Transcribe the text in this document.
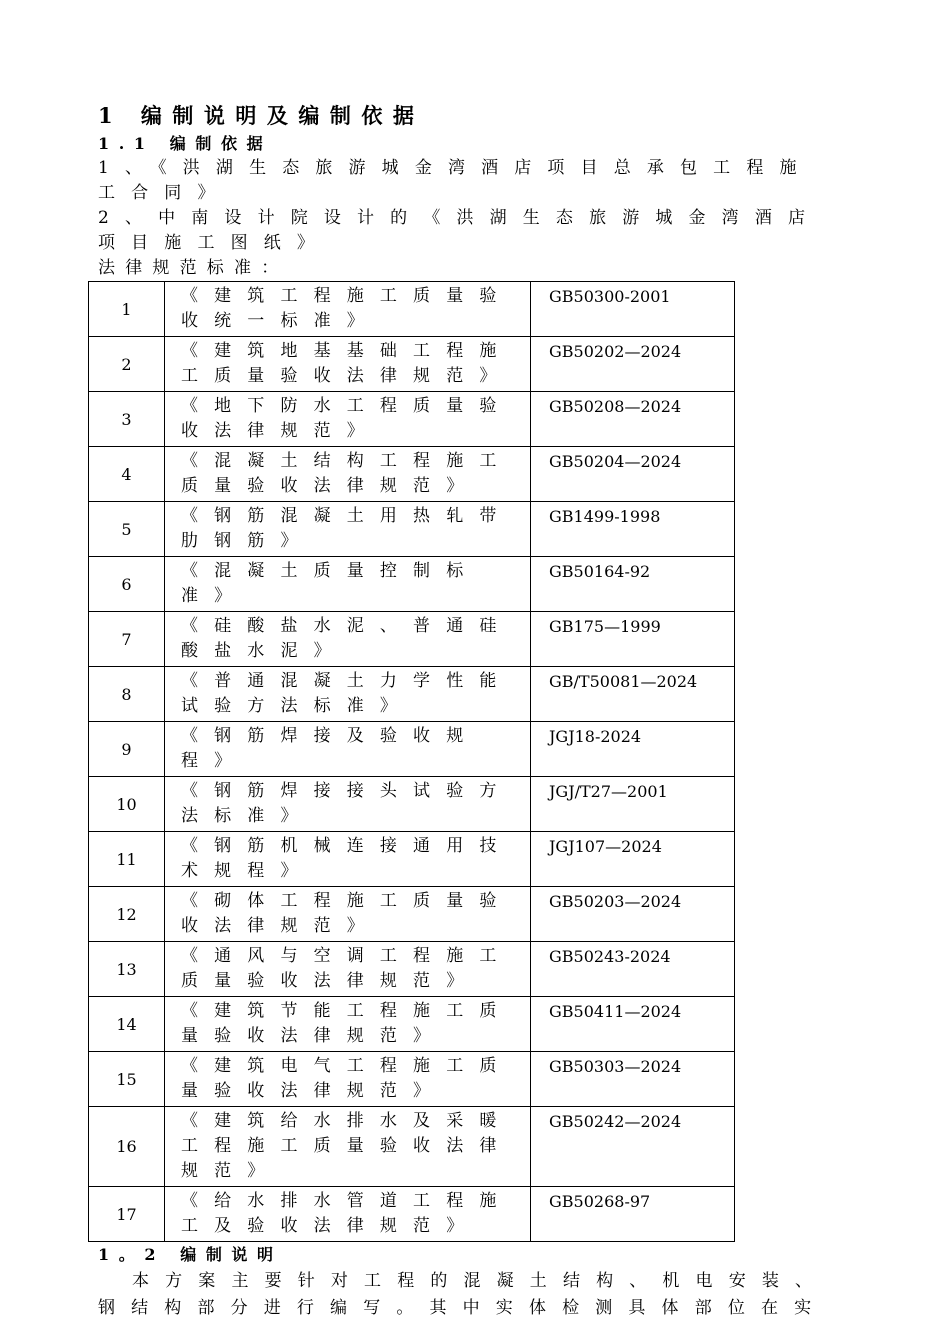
1 编制说明及编制依据
1.1 编制依据

1、《洪湖生态旅游城金湾酒店项目总承包工程施工合同》

2、中南设计院设计的《洪湖生态旅游城金湾酒店项目施工图纸》

法律规范标准：

1	《建筑工程施工质量验收统一标准》	GB50300-2001
2	《建筑地基基础工程施工质量验收法律规范》	GB50202—2024
3	《地下防水工程质量验收法律规范》	GB50208—2024
4	《混凝土结构工程施工质量验收法律规范》	GB50204—2024
5	《钢筋混凝土用热轧带肋钢筋》	GB1499-1998
6	《混凝土质量控制标准》	GB50164-92
7	《硅酸盐水泥、普通硅酸盐水泥》	GB175—1999
8	《普通混凝土力学性能试验方法标准》	GB/T50081—2024
9	《钢筋焊接及验收规程》	JGJ18-2024
10	《钢筋焊接接头试验方法标准》	JGJ/T27—2001
11	《钢筋机械连接通用技术规程》	JGJ107—2024
12	《砌体工程施工质量验收法律规范》	GB50203—2024
13	《通风与空调工程施工质量验收法律规范》	GB50243-2024
14	《建筑节能工程施工质量验收法律规范》	GB50411—2024
15	《建筑电气工程施工质量验收法律规范》	GB50303—2024
16	《建筑给水排水及采暖工程施工质量验收法律规范》	GB50242—2024
17	《给水排水管道工程施工及验收法律规范》	GB50268-97

1。2 编制说明

本方案主要针对工程的混凝土结构、机电安装、钢结构部分进行编写。其中实体检测具体部位在实
